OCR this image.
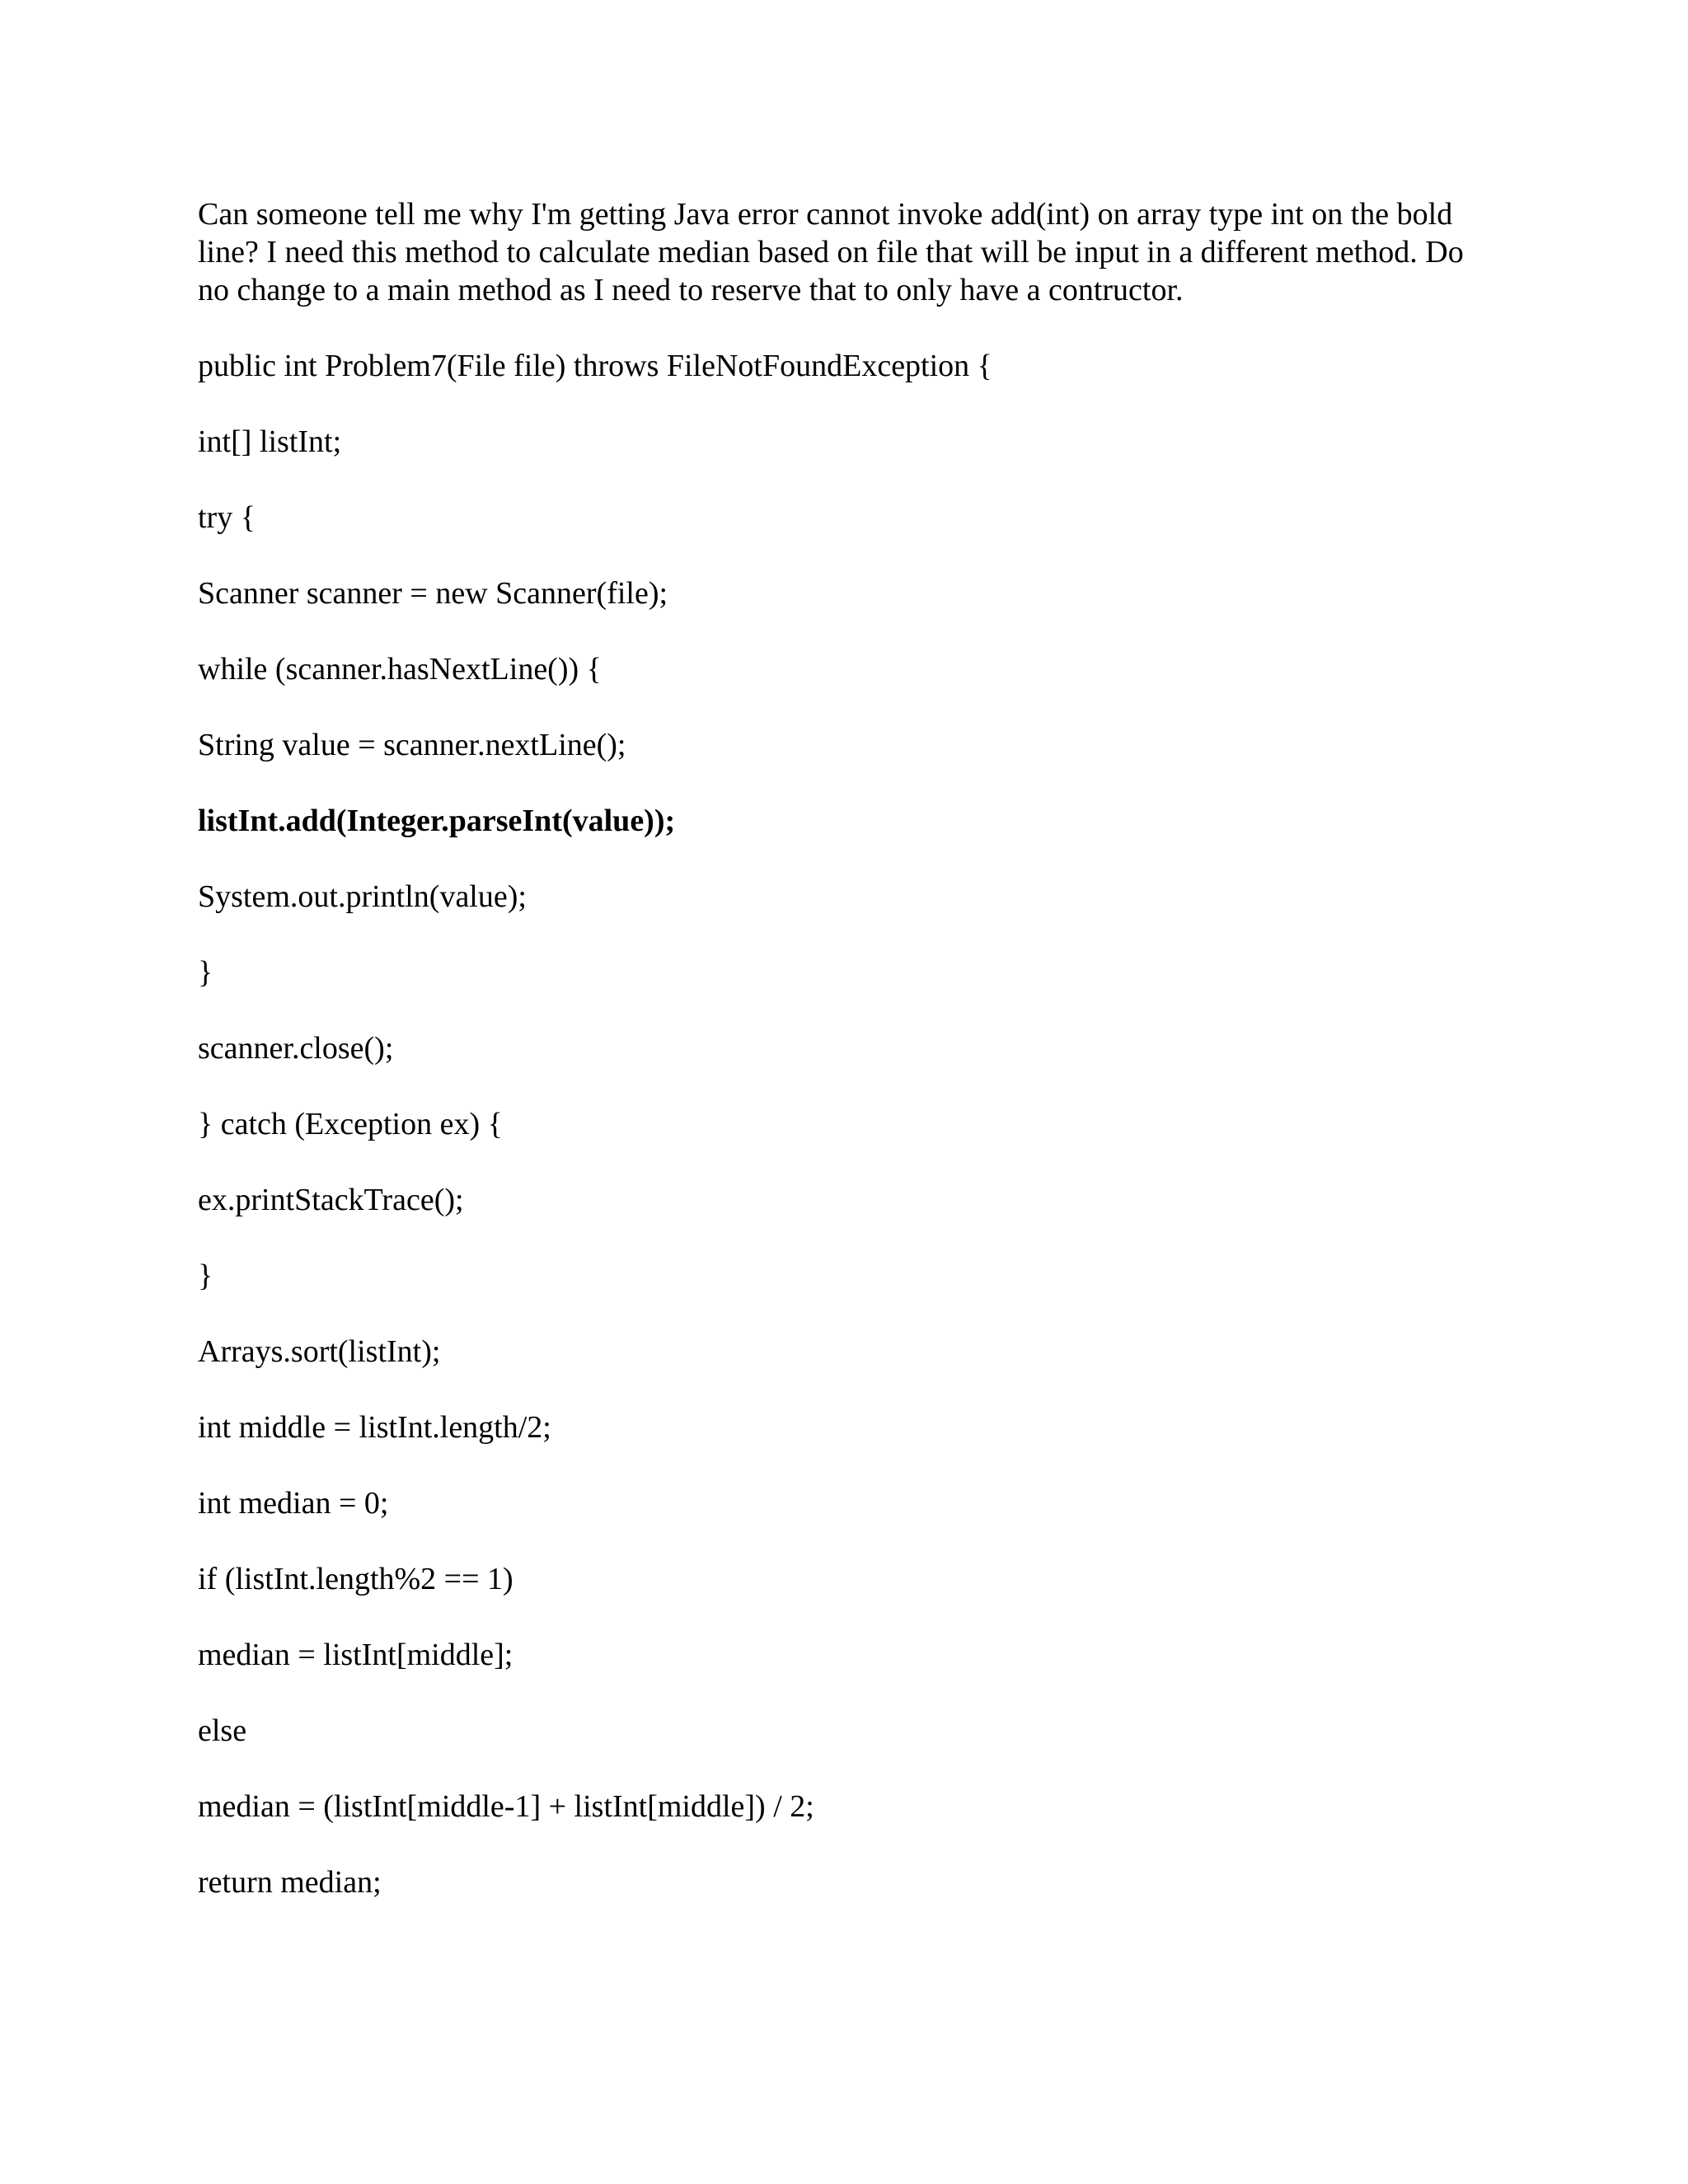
Can someone tell me why I'm getting Java error cannot invoke add(int) on array type int on the bold line? I need this method to calculate median based on file that will be input in a different method. Do no change to a main method as I need to reserve that to only have a contructor.

public int Problem7(File file) throws FileNotFoundException {
int[] listInt;
try {
Scanner scanner = new Scanner(file);
while (scanner.hasNextLine()) {
String value = scanner.nextLine();
listInt.add(Integer.parseInt(value));
System.out.println(value);
}
scanner.close();
} catch (Exception ex) {
ex.printStackTrace();
}
Arrays.sort(listInt);
int middle = listInt.length/2;
int median = 0;
if (listInt.length%2 == 1)
median = listInt[middle];
else
median = (listInt[middle-1] + listInt[middle]) / 2;
return median;
